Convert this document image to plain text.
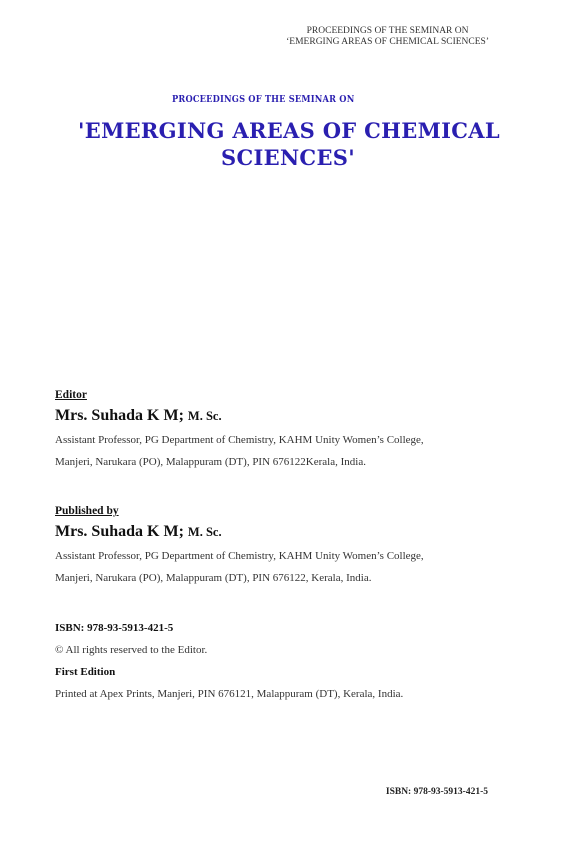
PROCEEDINGS OF THE SEMINAR ON
‘EMERGING AREAS OF CHEMICAL SCIENCES’
PROCEEDINGS OF THE SEMINAR ON
'EMERGING AREAS OF CHEMICAL
SCIENCES'
Editor
Mrs. Suhada K M; M. Sc.
Assistant Professor, PG Department of Chemistry, KAHM Unity Women’s College,
Manjeri, Narukara (PO), Malappuram (DT), PIN 676122Kerala, India.
Published by
Mrs. Suhada K M; M. Sc.
Assistant Professor, PG Department of Chemistry, KAHM Unity Women’s College,
Manjeri, Narukara (PO), Malappuram (DT), PIN 676122, Kerala, India.
ISBN: 978-93-5913-421-5
© All rights reserved to the Editor.
First Edition
Printed at Apex Prints, Manjeri, PIN 676121, Malappuram (DT), Kerala, India.
ISBN: 978-93-5913-421-5
